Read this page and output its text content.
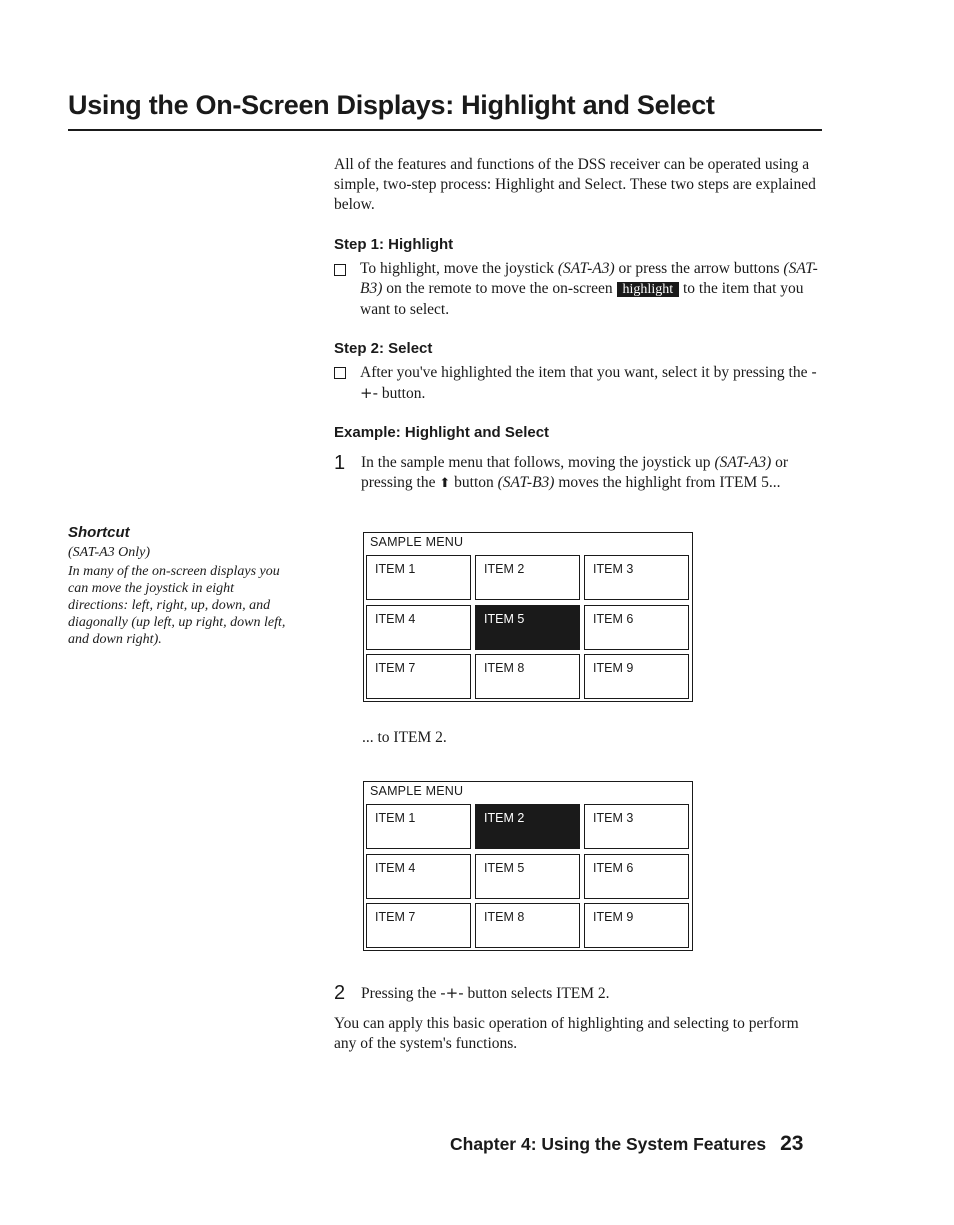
Using the On-Screen Displays: Highlight and Select
All of the features and functions of the DSS receiver can be operated using a simple, two-step process: Highlight and Select. These two steps are explained below.
Step 1: Highlight
To highlight, move the joystick (SAT-A3) or press the arrow buttons (SAT-B3) on the remote to move the on-screen highlight to the item that you want to select.
Step 2: Select
After you've highlighted the item that you want, select it by pressing the -+- button.
Example: Highlight and Select
1	In the sample menu that follows, moving the joystick up (SAT-A3) or pressing the ⬆ button (SAT-B3) moves the highlight from ITEM 5...
SAMPLE MENU
ITEM 1	ITEM 2	ITEM 3
ITEM 4	ITEM 5	ITEM 6
ITEM 7	ITEM 8	ITEM 9
... to ITEM 2.
SAMPLE MENU
ITEM 1	ITEM 2	ITEM 3
ITEM 4	ITEM 5	ITEM 6
ITEM 7	ITEM 8	ITEM 9
2	Pressing the -+- button selects ITEM 2.
You can apply this basic operation of highlighting and selecting to perform any of the system's functions.
Shortcut
(SAT-A3 Only)
In many of the on-screen displays you can move the joystick in eight directions: left, right, up, down, and diagonally (up left, up right, down left, and down right).
Chapter 4: Using the System Features 23
